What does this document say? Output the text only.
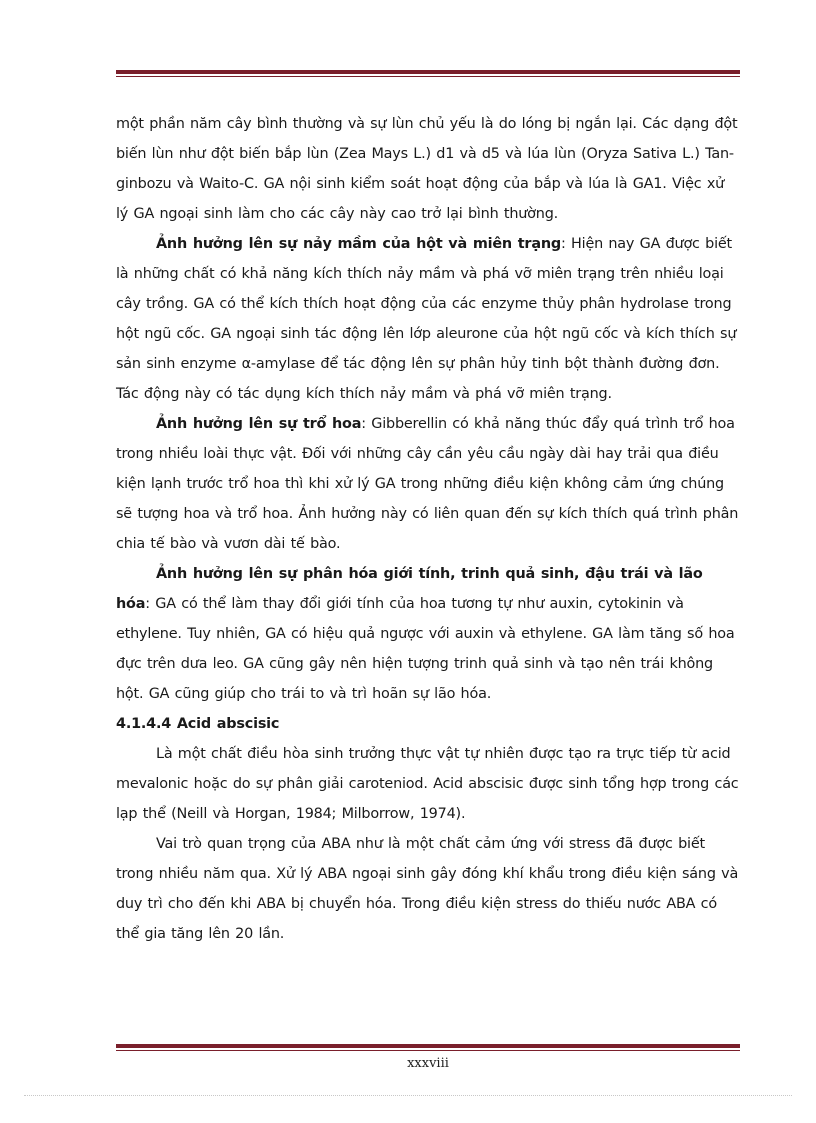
một phần năm cây bình thường và sự lùn chủ yếu là do lóng bị ngắn lại. Các dạng đột biến lùn như đột biến bắp lùn (Zea Mays L.) d1 và d5 và lúa lùn (Oryza Sativa L.) Tan-ginbozu và Waito-C. GA nội sinh kiểm soát hoạt động của bắp và lúa là GA1. Việc xử lý GA ngoại sinh làm cho các cây này cao trở lại bình thường.

Ảnh hưởng lên sự nảy mầm của hột và miên trạng: Hiện nay GA được biết là những chất có khả năng kích thích nảy mầm và phá vỡ miên trạng trên nhiều loại cây trồng. GA có thể kích thích hoạt động của các enzyme thủy phân hydrolase trong hột ngũ cốc. GA ngoại sinh tác động lên lớp aleurone của hột ngũ cốc và kích thích sự sản sinh enzyme α-amylase để tác động lên sự phân hủy tinh bột thành đường đơn. Tác động này có tác dụng kích thích nảy mầm và phá vỡ miên trạng.

Ảnh hưởng lên sự trổ hoa: Gibberellin có khả năng thúc đẩy quá trình trổ hoa trong nhiều loài thực vật. Đối với những cây cần yêu cầu ngày dài hay trải qua điều kiện lạnh trước trổ hoa thì khi xử lý GA trong những điều kiện không cảm ứng chúng sẽ tượng hoa và trổ hoa. Ảnh hưởng này có liên quan đến sự kích thích quá trình phân chia tế bào và vươn dài tế bào.

Ảnh hưởng lên sự phân hóa giới tính, trinh quả sinh, đậu trái và lão hóa: GA có thể làm thay đổi giới tính của hoa tương tự như auxin, cytokinin và ethylene. Tuy nhiên, GA có hiệu quả ngược với auxin và ethylene. GA làm tăng số hoa đực trên dưa leo. GA cũng gây nên hiện tượng trinh quả sinh và tạo nên trái không hột. GA cũng giúp cho trái to và trì hoãn sự lão hóa.

4.1.4.4 Acid abscisic

Là một chất điều hòa sinh trưởng thực vật tự nhiên được tạo ra trực tiếp từ acid mevalonic hoặc do sự phân giải caroteniod. Acid abscisic được sinh tổng hợp trong các lạp thể (Neill và Horgan, 1984; Milborrow, 1974).

Vai trò quan trọng của ABA như là một chất cảm ứng với stress đã được biết trong nhiều năm qua. Xử lý ABA ngoại sinh gây đóng khí khẩu trong điều kiện sáng và duy trì cho đến khi ABA bị chuyển hóa. Trong điều kiện stress do thiếu nước ABA có thể gia tăng lên 20 lần.

xxxviii
